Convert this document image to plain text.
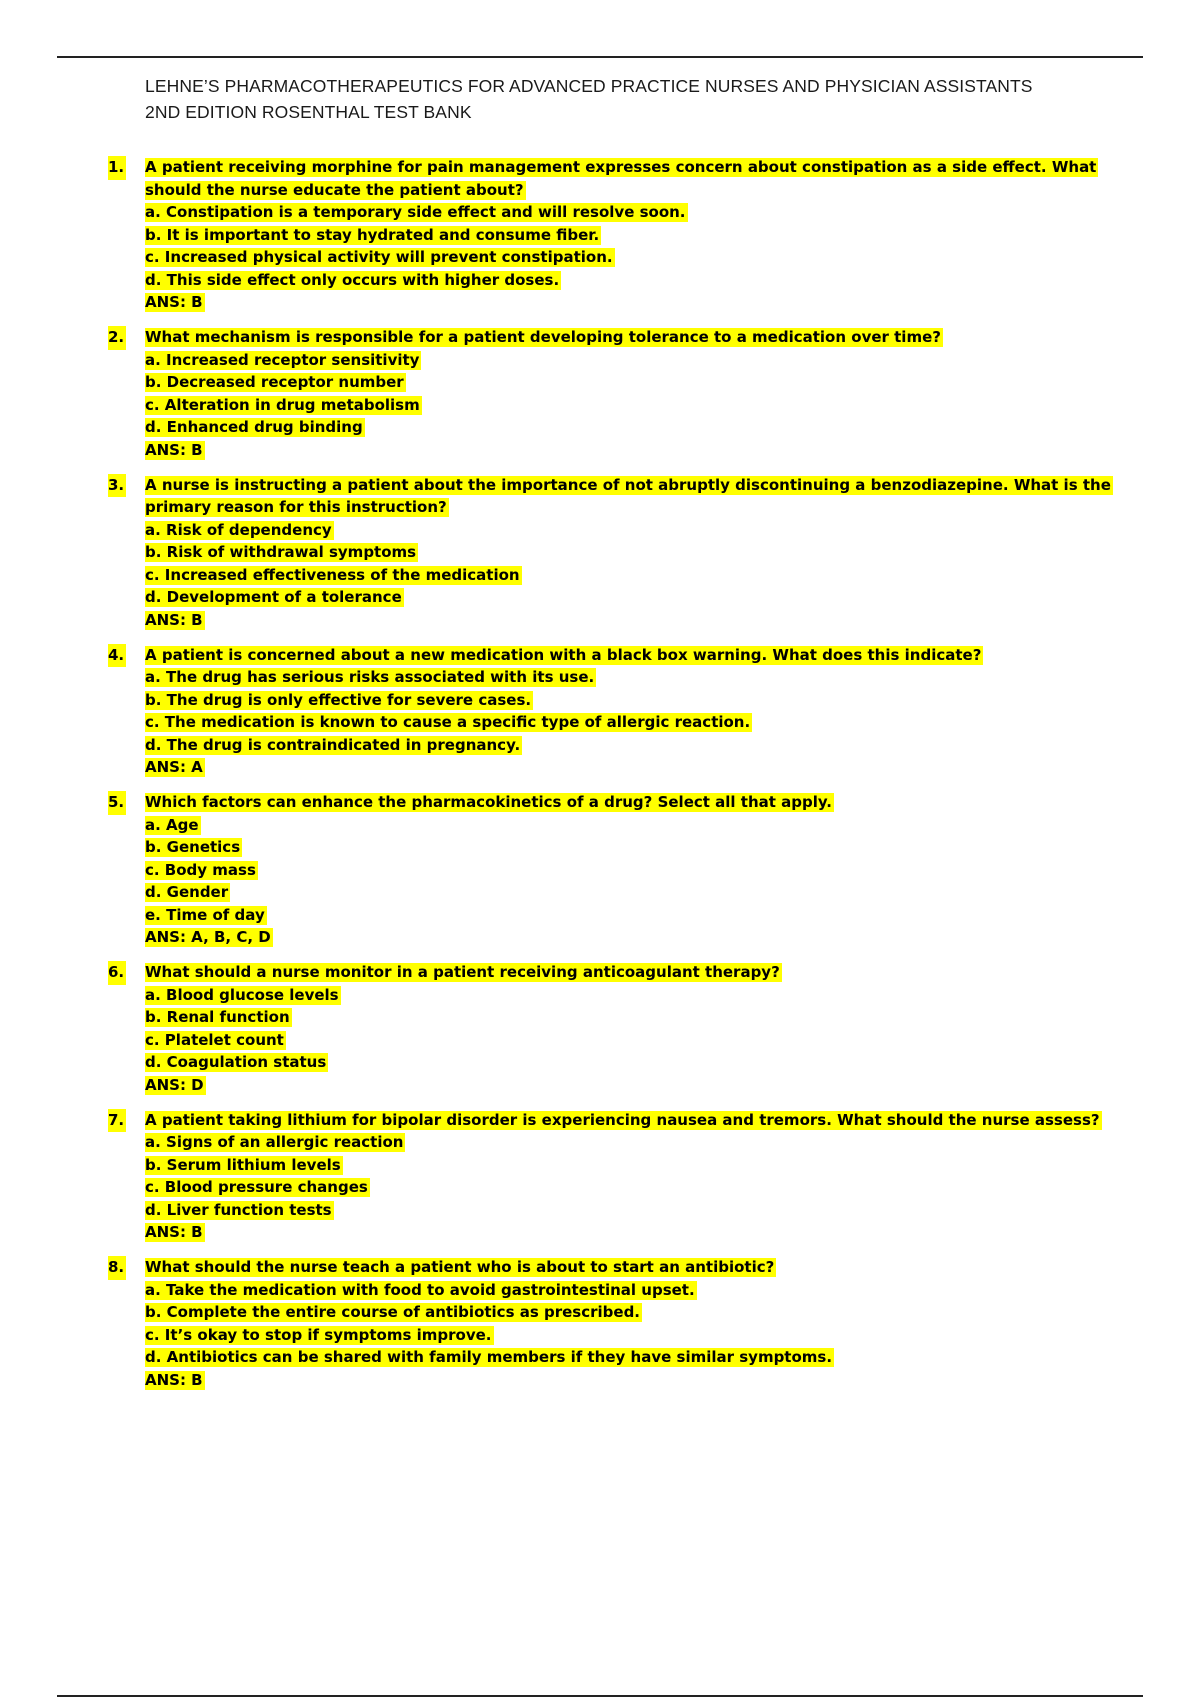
LEHNE’S PHARMACOTHERAPEUTICS FOR ADVANCED PRACTICE NURSES AND PHYSICIAN ASSISTANTS
2ND EDITION ROSENTHAL TEST BANK
1. A patient receiving morphine for pain management expresses concern about constipation as a side effect. What should the nurse educate the patient about?
a. Constipation is a temporary side effect and will resolve soon.
b. It is important to stay hydrated and consume fiber.
c. Increased physical activity will prevent constipation.
d. This side effect only occurs with higher doses.
ANS: B
2. What mechanism is responsible for a patient developing tolerance to a medication over time?
a. Increased receptor sensitivity
b. Decreased receptor number
c. Alteration in drug metabolism
d. Enhanced drug binding
ANS: B
3. A nurse is instructing a patient about the importance of not abruptly discontinuing a benzodiazepine. What is the primary reason for this instruction?
a. Risk of dependency
b. Risk of withdrawal symptoms
c. Increased effectiveness of the medication
d. Development of a tolerance
ANS: B
4. A patient is concerned about a new medication with a black box warning. What does this indicate?
a. The drug has serious risks associated with its use.
b. The drug is only effective for severe cases.
c. The medication is known to cause a specific type of allergic reaction.
d. The drug is contraindicated in pregnancy.
ANS: A
5. Which factors can enhance the pharmacokinetics of a drug? Select all that apply.
a. Age
b. Genetics
c. Body mass
d. Gender
e. Time of day
ANS: A, B, C, D
6. What should a nurse monitor in a patient receiving anticoagulant therapy?
a. Blood glucose levels
b. Renal function
c. Platelet count
d. Coagulation status
ANS: D
7. A patient taking lithium for bipolar disorder is experiencing nausea and tremors. What should the nurse assess?
a. Signs of an allergic reaction
b. Serum lithium levels
c. Blood pressure changes
d. Liver function tests
ANS: B
8. What should the nurse teach a patient who is about to start an antibiotic?
a. Take the medication with food to avoid gastrointestinal upset.
b. Complete the entire course of antibiotics as prescribed.
c. It’s okay to stop if symptoms improve.
d. Antibiotics can be shared with family members if they have similar symptoms.
ANS: B
